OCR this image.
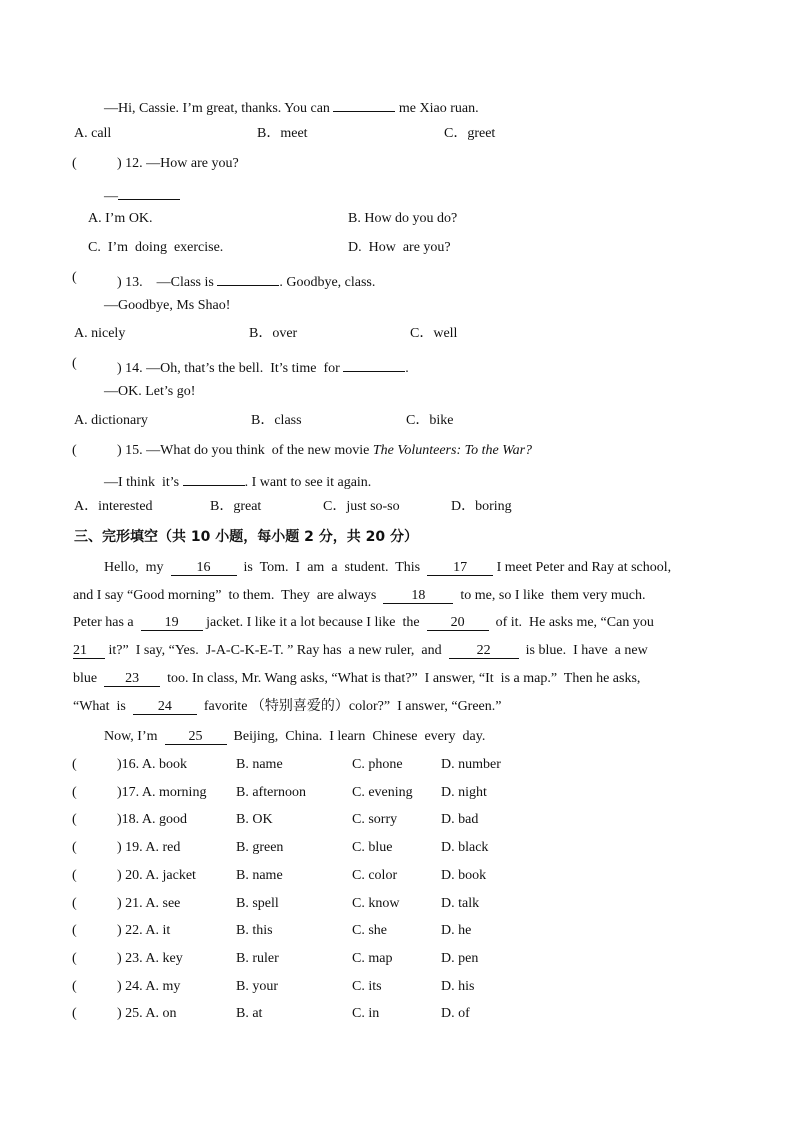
—Hi, Cassie. I’m great, thanks. You can	me Xiao ruan.
A. call	B．meet	C．greet
(	) 12. —How are you?
—
A. I’m OK.	B. How do you do?
C.  I’m  doing  exercise.	D.  How  are you?
(	) 13.    —Class is	. Goodbye, class.
—Goodbye, Ms Shao!
A. nicely	B．over	C．well
(	) 14. —Oh, that’s the bell.  It’s time  for	.
—OK. Let’s go!
A. dictionary	B．class	C．bike
(	) 15. —What do you think  of the new movie The Volunteers: To the War?
—I think  it’s	. I want to see it again.
A．interested	B．great	C．just so-so	D．boring
三、完形填空（共 10 小题，每小题 2 分，共 20 分）
Hello,  my 16 is  Tom.  I  am  a  student.  This 17 I meet Peter and Ray at school,
and I say “Good morning”  to them.  They  are always	18	to me, so I like  them very much.
Peter has a 19 jacket. I like it a lot because I like  the 20 of it.  He asks me, “Can you
21 it?”  I say, “Yes.  J-A-C-K-E-T. ” Ray has  a new ruler,  and	22	is blue.  I have  a new
blue 23 too. In class, Mr. Wang asks, “What is that?”  I answer, “It  is a map.”  Then he asks,
“What  is 24 favorite （特别喜爱的）color?”  I answer, “Green.”
Now, I’m 25 Beijing,  China.  I learn  Chinese  every  day.
(	)16. A. book	B. name	C. phone	D. number
(	)17. A. morning B. afternoon	C. evening D. night
(	)18. A. good	B. OK	C. sorry	D. bad
(	) 19. A. red	B. green	C. blue	D. black
(	) 20. A. jacket	B. name	C. color	D. book
(	) 21. A. see	B. spell	C. know	D. talk
(	) 22. A. it	B. this	C. she	D. he
(	) 23. A. key	B. ruler	C. map	D. pen
(	) 24. A. my	B. your	C. its	D. his
(	) 25. A. on	B. at	C. in	D. of
